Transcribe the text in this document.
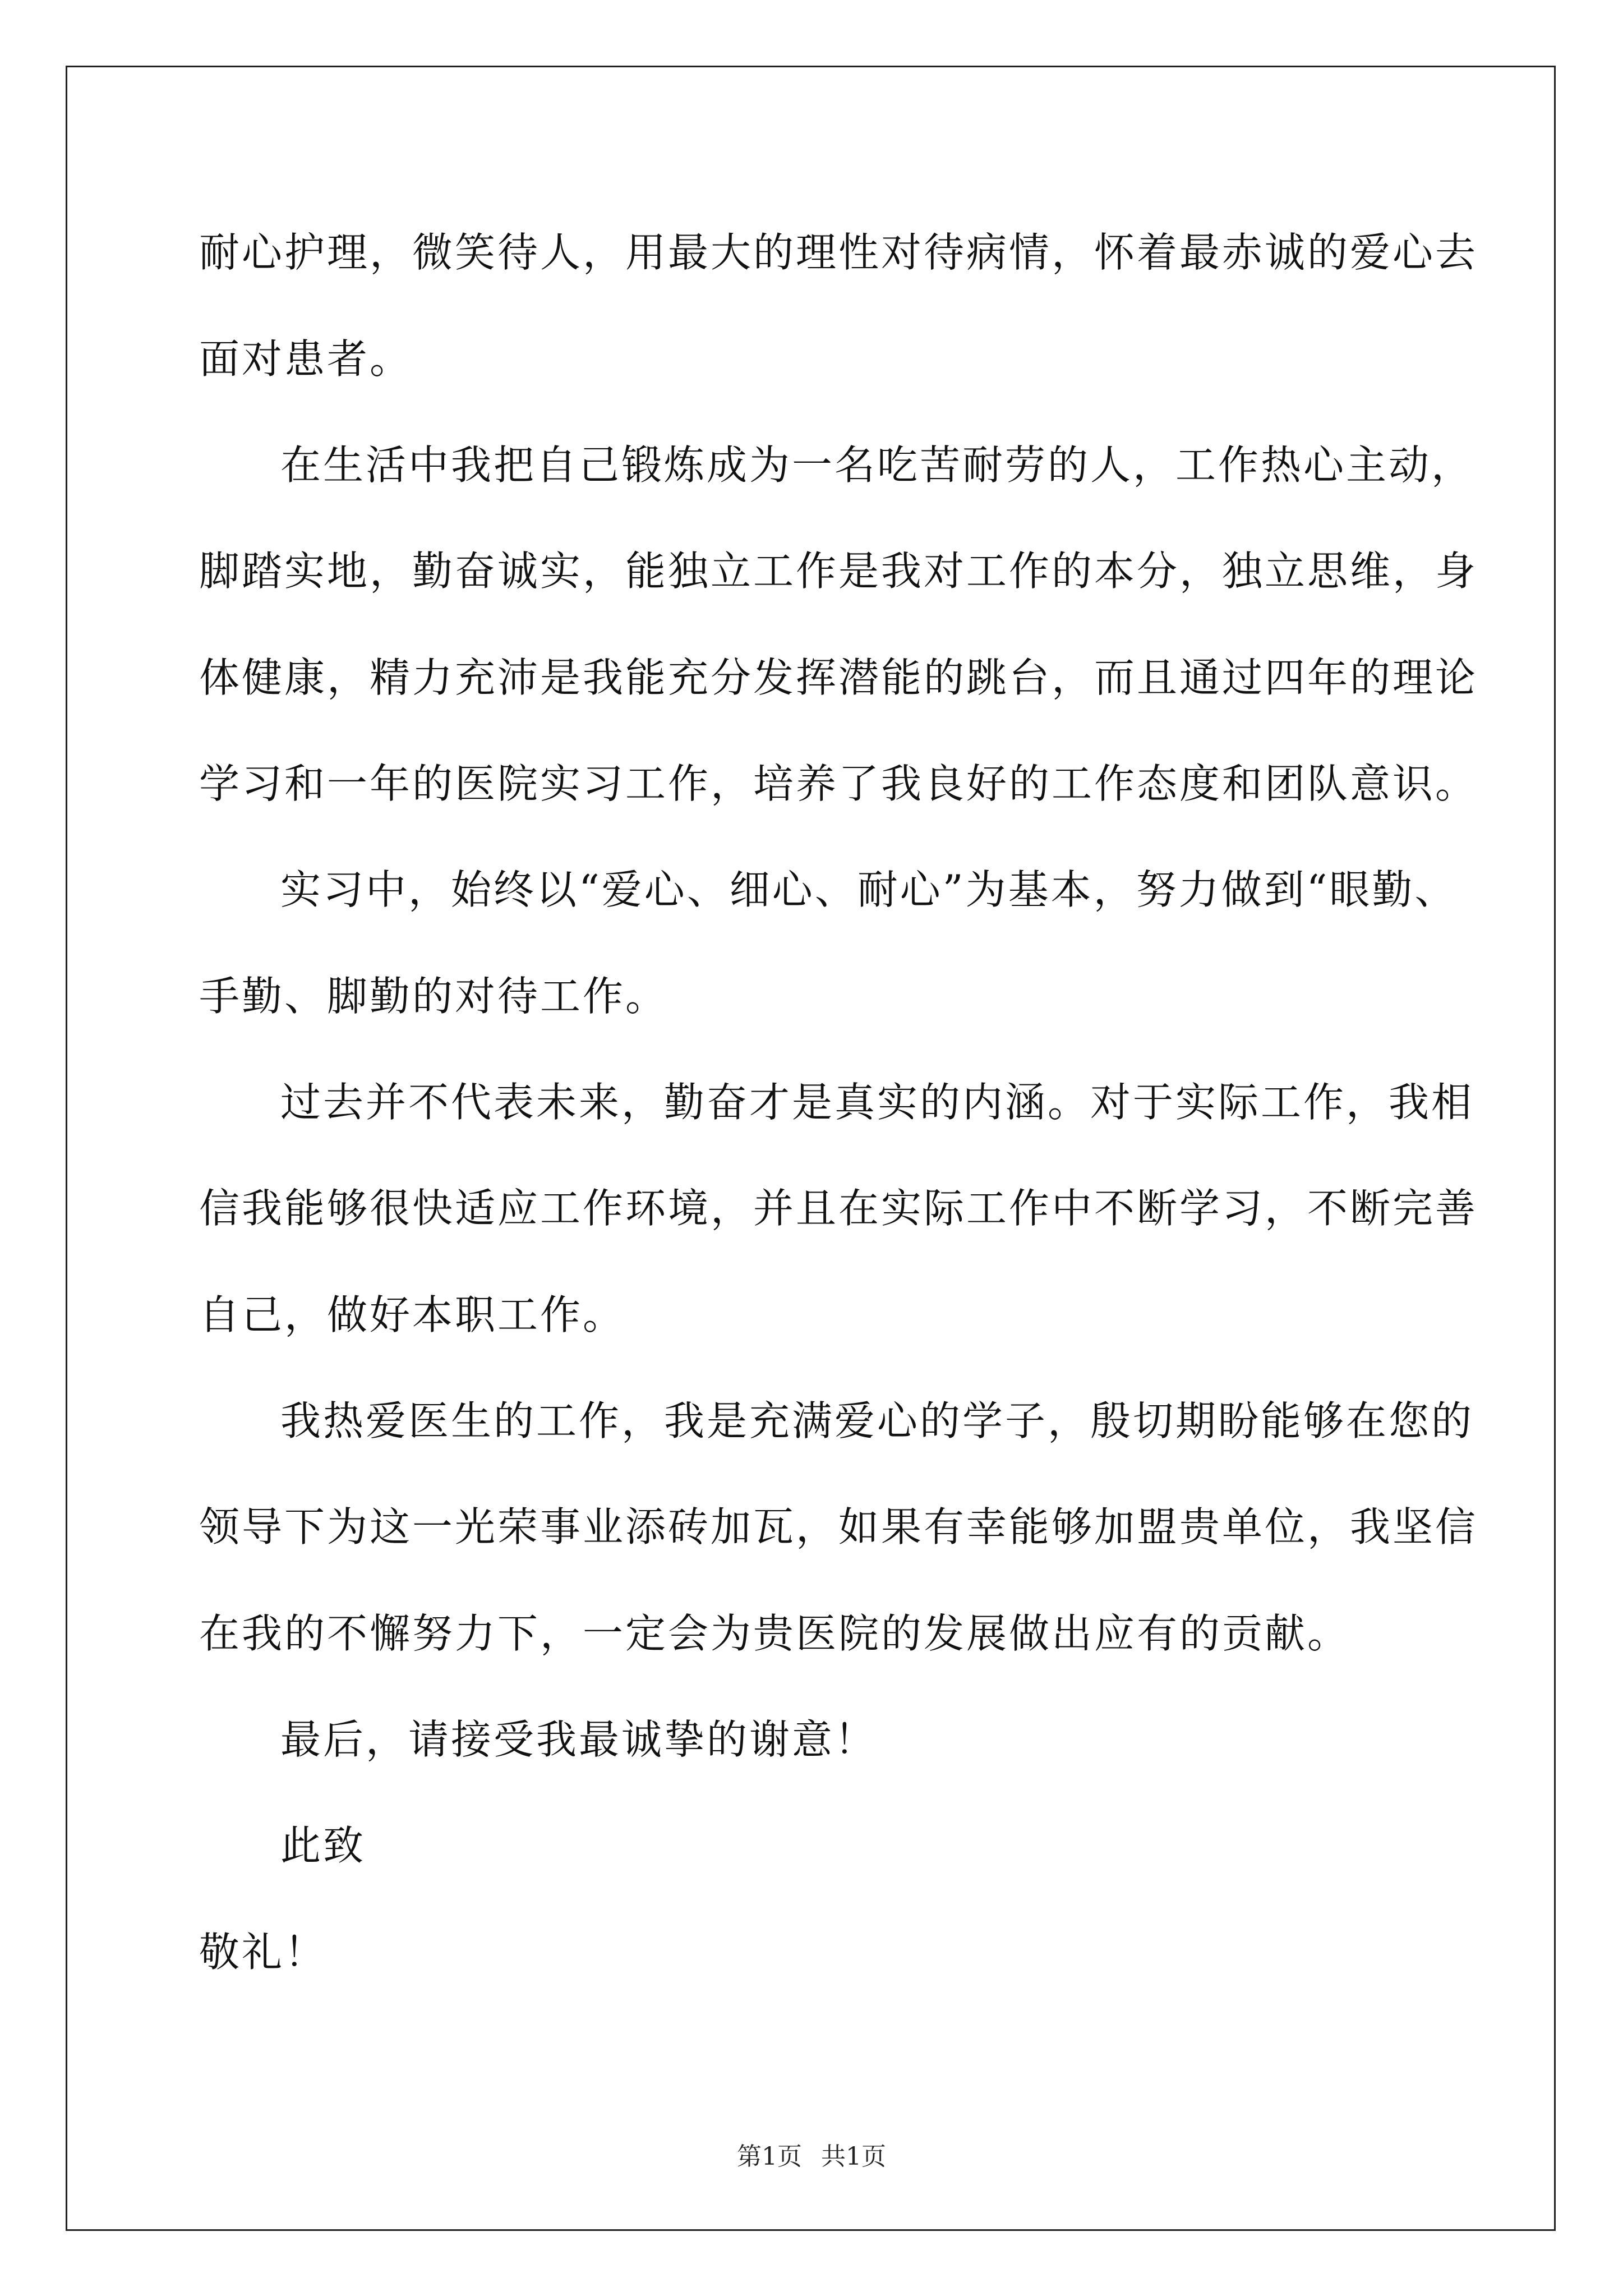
耐心护理，微笑待人，用最大的理性对待病情，怀着最赤诚的爱心去
面对患者。
在生活中我把自己锻炼成为一名吃苦耐劳的人，工作热心主动，
脚踏实地，勤奋诚实，能独立工作是我对工作的本分，独立思维，身
体健康，精力充沛是我能充分发挥潜能的跳台，而且通过四年的理论
学习和一年的医院实习工作，培养了我良好的工作态度和团队意识。
实习中，始终以“爱心、细心、耐心”为基本，努力做到“眼勤、
手勤、脚勤的对待工作。
过去并不代表未来，勤奋才是真实的内涵。对于实际工作，我相
信我能够很快适应工作环境，并且在实际工作中不断学习，不断完善
自己，做好本职工作。
我热爱医生的工作，我是充满爱心的学子，殷切期盼能够在您的
领导下为这一光荣事业添砖加瓦，如果有幸能够加盟贵单位，我坚信
在我的不懈努力下，一定会为贵医院的发展做出应有的贡献。
最后，请接受我最诚挚的谢意！
此致
敬礼！
第1页 共1页
